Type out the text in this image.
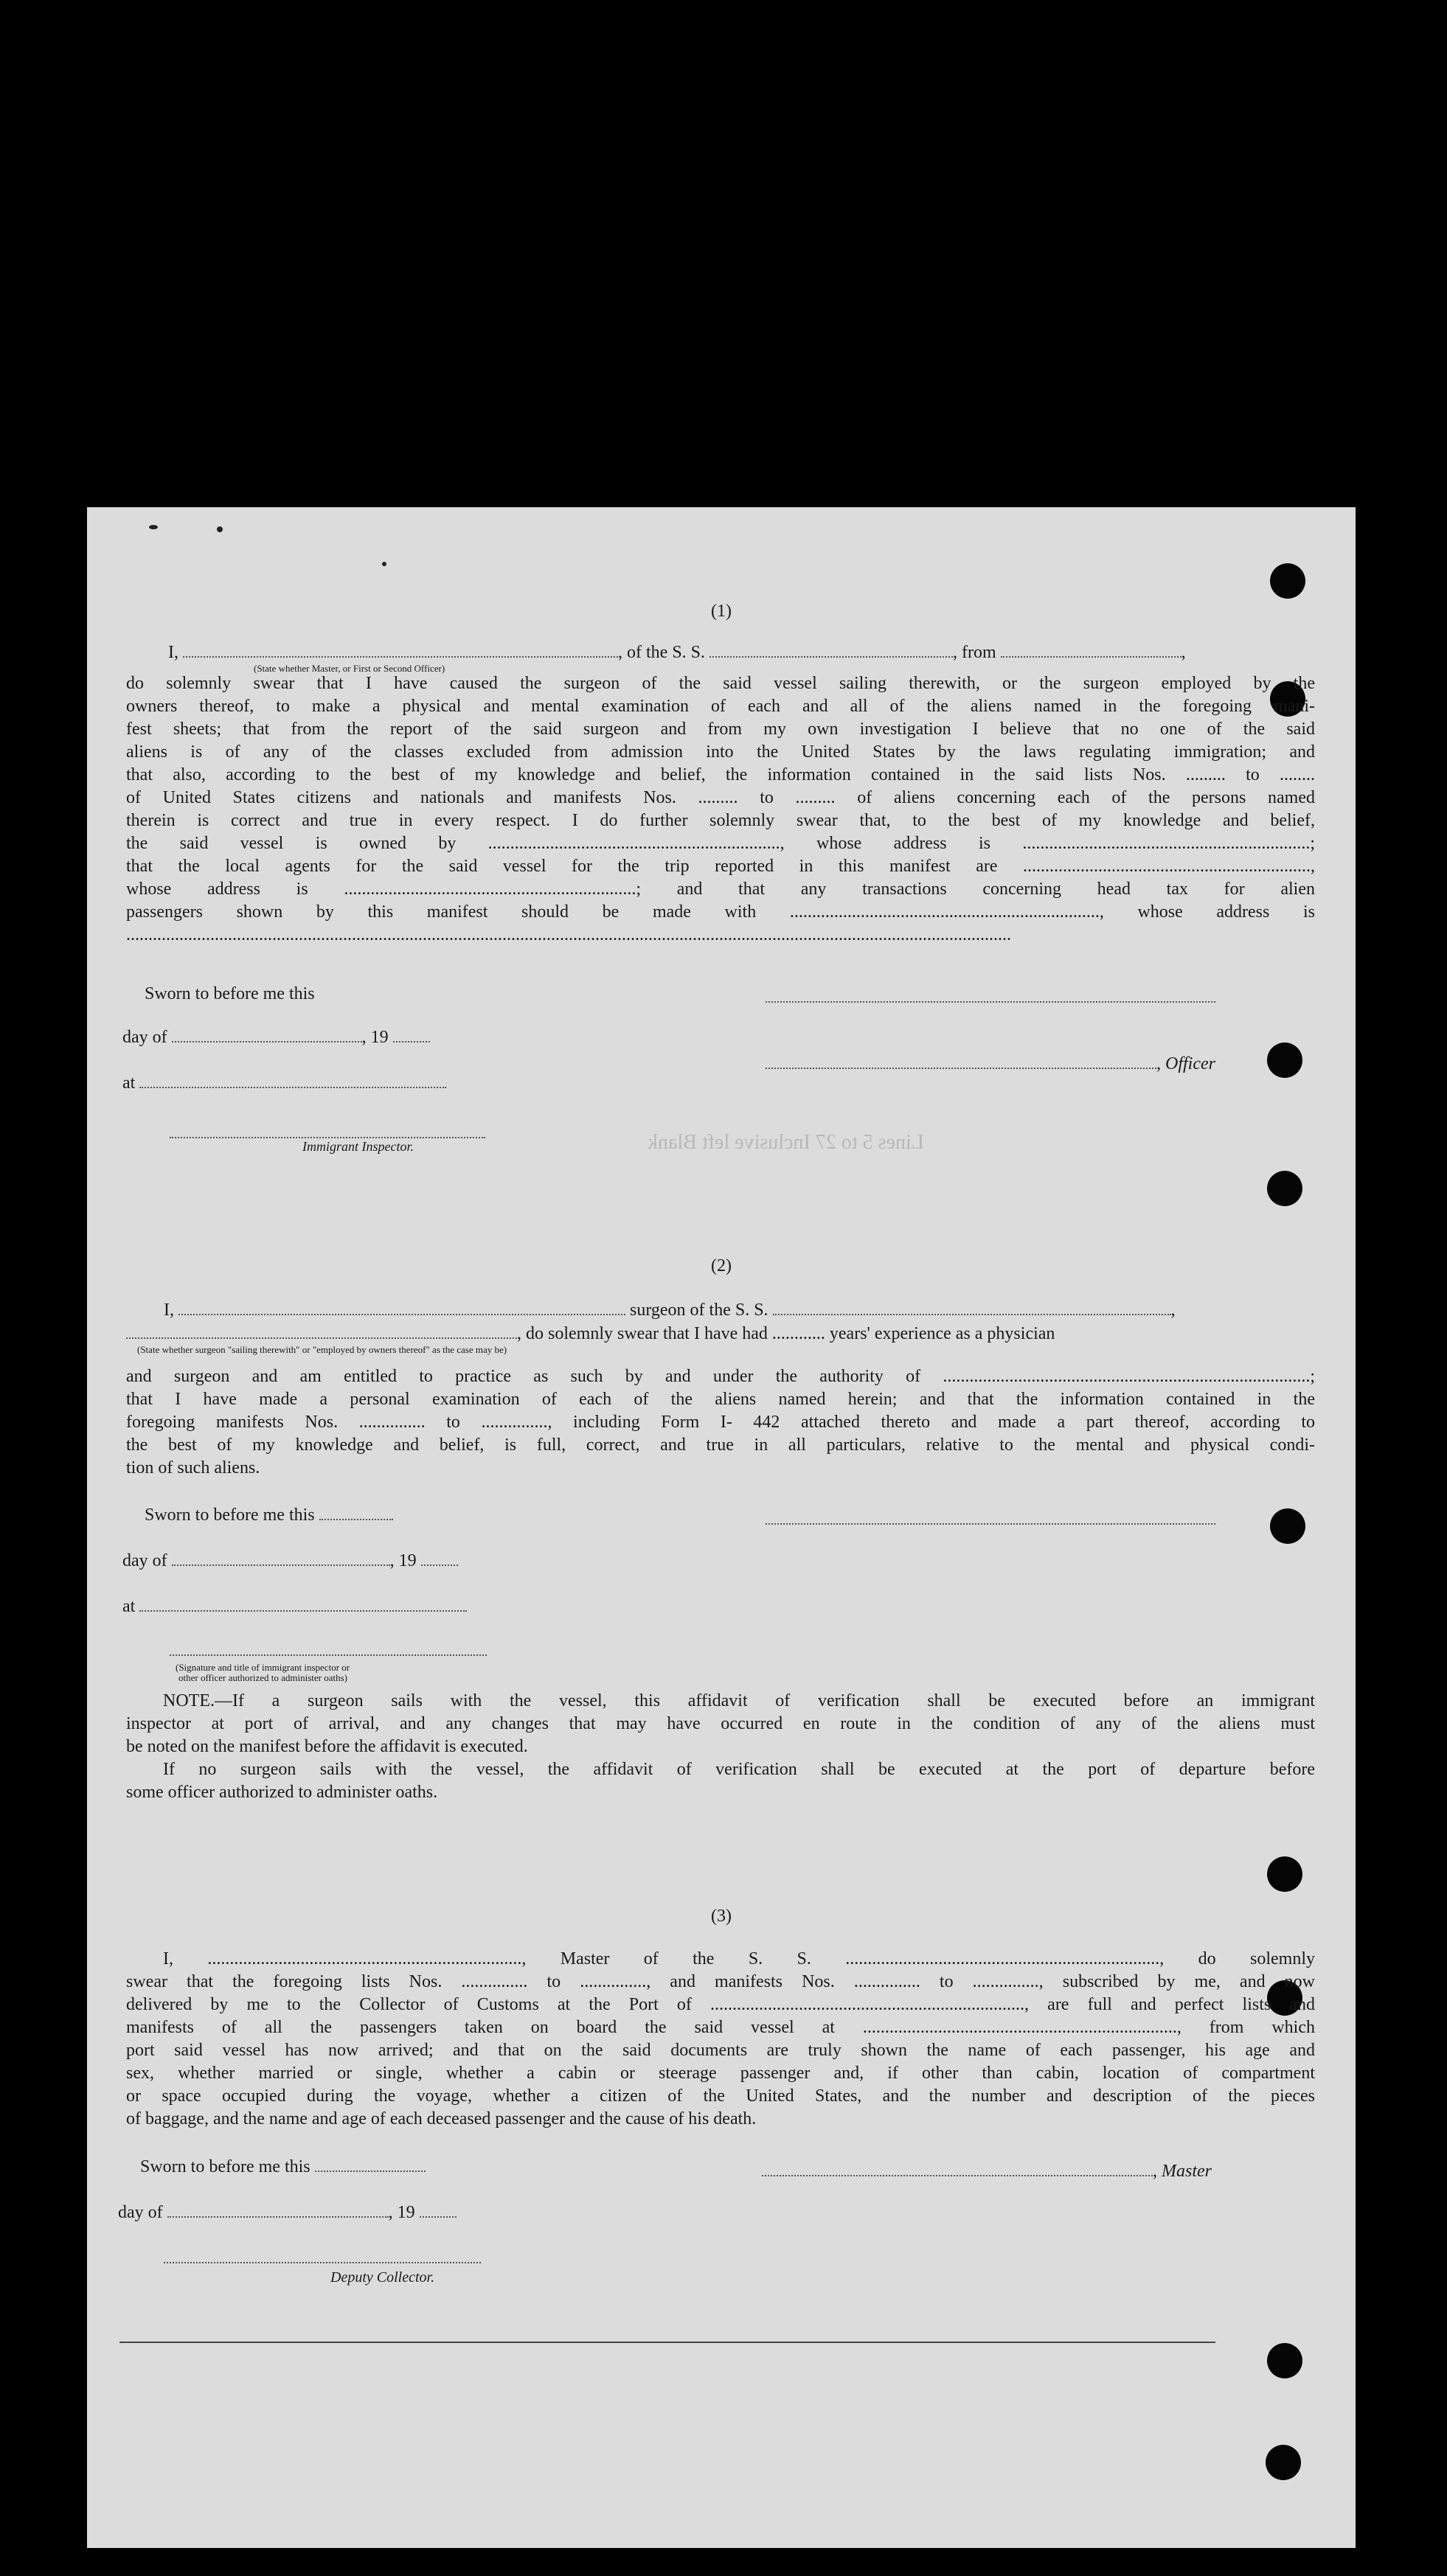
Lines 5 to 27 Inclusive left Blank
(1)
I,	, of the S. S.	, from	,
(State whether Master, or First or Second Officer)
do solemnly swear that I have caused the surgeon of the said vessel sailing therewith, or the surgeon employed by the
owners thereof, to make a physical and mental examination of each and all of the aliens named in the foregoing mani-
fest sheets; that from the report of the said surgeon and from my own investigation I believe that no one of the said
aliens is of any of the classes excluded from admission into the United States by the laws regulating immigration; and
that also, according to the best of my knowledge and belief, the information contained in the said lists Nos. ......... to ........
of United States citizens and nationals and manifests Nos. ......... to ......... of aliens concerning each of the persons named
therein is correct and true in every respect. I do further solemnly swear that, to the best of my knowledge and belief,
the said vessel is owned by .................................................................., whose address is .................................................................;
that the local agents for the said vessel for the trip reported in this manifest are .................................................................,
whose address is ..................................................................; and that any transactions concerning head tax for alien
passengers shown by this manifest should be made with ......................................................................, whose address is
........................................................................................................................................................................................................
Sworn to before me this
day of	, 19
, Officer
at
Immigrant Inspector.
(2)
I,	surgeon of the S. S.	,
, do solemnly swear that I have had ............ years' experience as a physician
(State whether surgeon "sailing therewith" or "employed by owners thereof" as the case may be)
and surgeon and am entitled to practice as such by and under the authority of ...................................................................................;
that I have made a personal examination of each of the aliens named herein; and that the information contained in the
foregoing manifests Nos. ............... to ..............., including Form I- 442 attached thereto and made a part thereof, according to
the best of my knowledge and belief, is full, correct, and true in all particulars, relative to the mental and physical condi-
tion of such aliens.
Sworn to before me this
day of	, 19
at
(Signature and title of immigrant inspector or
other officer authorized to administer oaths)
NOTE.—If a surgeon sails with the vessel, this affidavit of verification shall be executed before an immigrant
inspector at port of arrival, and any changes that may have occurred en route in the condition of any of the aliens must
be noted on the manifest before the affidavit is executed.
If no surgeon sails with the vessel, the affidavit of verification shall be executed at the port of departure before
some officer authorized to administer oaths.
(3)
I, ......................................................................., Master of the S. S. ......................................................................., do solemnly
swear that the foregoing lists Nos. ............... to ..............., and manifests Nos. ............... to ..............., subscribed by me, and now
delivered by me to the Collector of Customs at the Port of ......................................................................., are full and perfect lists and
manifests of all the passengers taken on board the said vessel at ......................................................................., from which
port said vessel has now arrived; and that on the said documents are truly shown the name of each passenger, his age and
sex, whether married or single, whether a cabin or steerage passenger and, if other than cabin, location of compartment
or space occupied during the voyage, whether a citizen of the United States, and the number and description of the pieces
of baggage, and the name and age of each deceased passenger and the cause of his death.
Sworn to before me this	, Master
day of	, 19
Deputy Collector.
